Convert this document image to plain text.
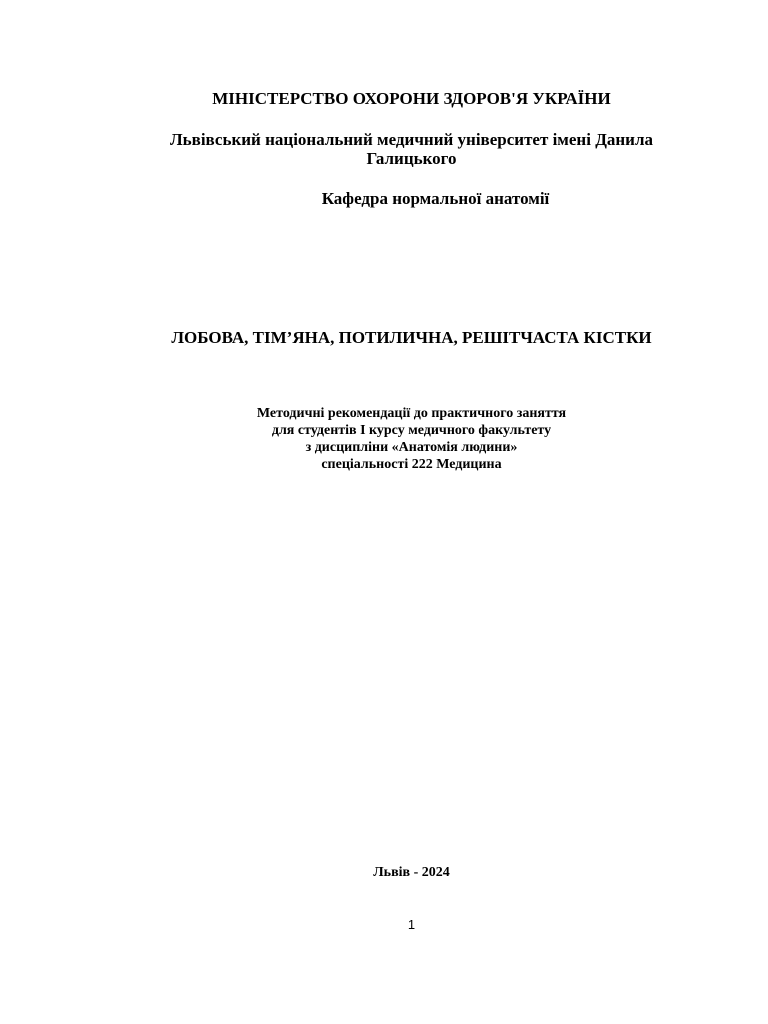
МІНІСТЕРСТВО ОХОРОНИ ЗДОРОВ'Я УКРАЇНИ
Львівський національний медичний університет імені Данила
Галицького
Кафедра нормальної анатомії
ЛОБОВА, ТІМ’ЯНА, ПОТИЛИЧНА, РЕШІТЧАСТА КІСТКИ
Методичні рекомендації до практичного заняття
для студентів І курсу медичного факультету
з дисципліни «Анатомія людини»
спеціальності 222 Медицина
Львів - 2024
1
